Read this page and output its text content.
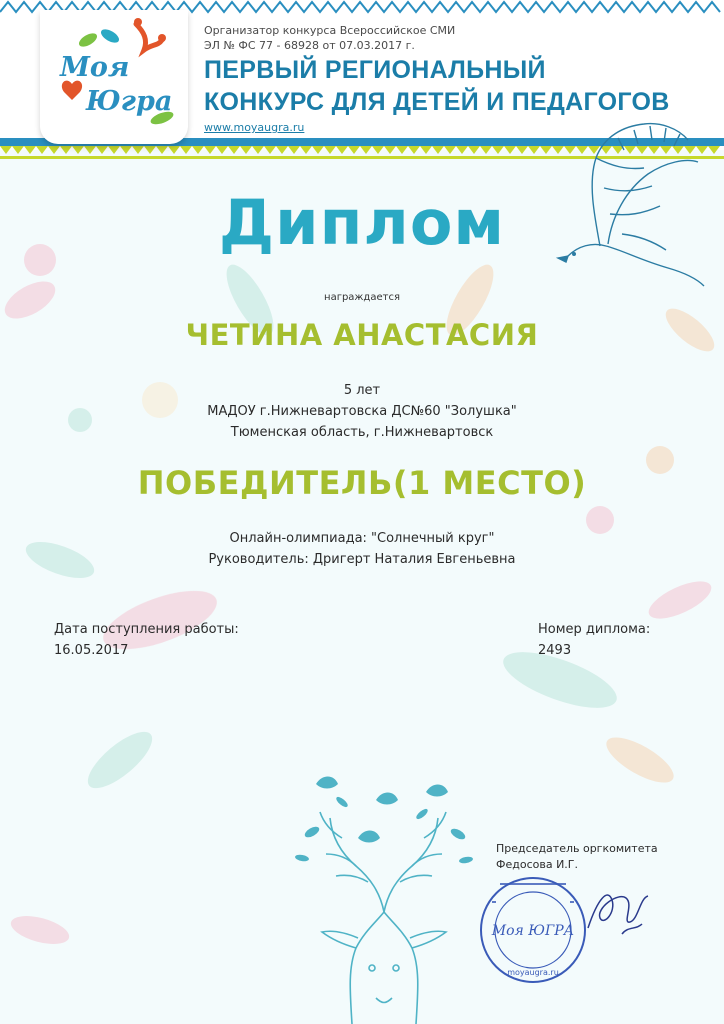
Моя
Югра
Организатор конкурса Всероссийское СМИ
ЭЛ № ФС 77 - 68928 от 07.03.2017 г.
ПЕРВЫЙ РЕГИОНАЛЬНЫЙ
КОНКУРС ДЛЯ ДЕТЕЙ И ПЕДАГОГОВ
www.moyaugra.ru
Диплом
награждается
ЧЕТИНА АНАСТАСИЯ
5 лет
МАДОУ г.Нижневартовска ДС№60 "Золушка"
Тюменская область, г.Нижневартовск
ПОБЕДИТЕЛЬ(1 МЕСТО)
Онлайн-олимпиада: "Солнечный круг"
Руководитель: Дригерт Наталия Евгеньевна
Дата поступления работы:
16.05.2017
Номер диплома:
2493
Председатель оргкомитета
Федосова И.Г.
Моя ЮГРА
moyaugra.ru
